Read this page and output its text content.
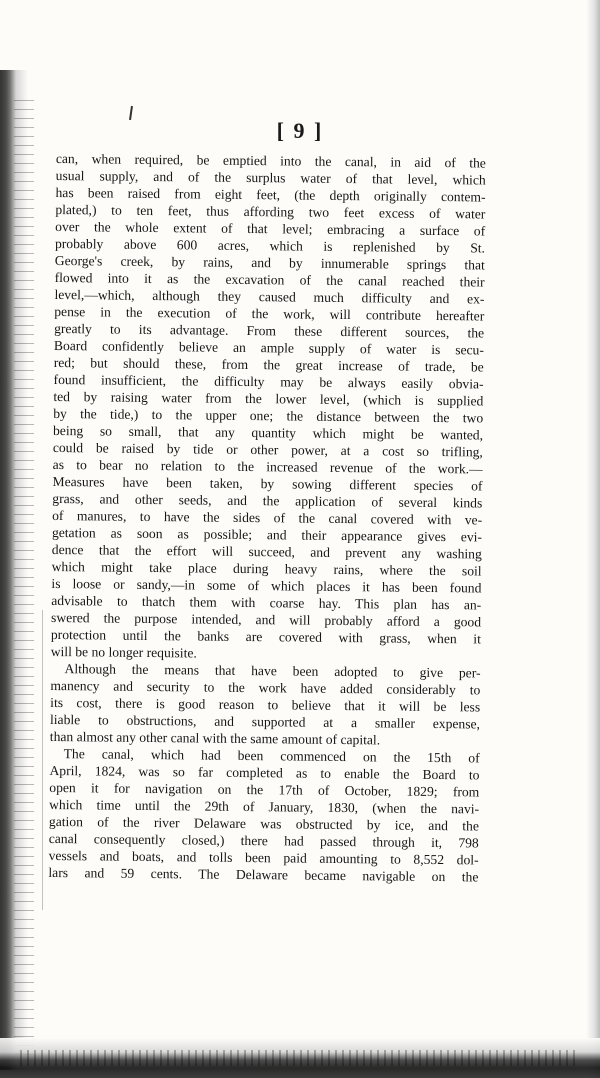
[ 9 ]
can, when required, be emptied into the canal, in aid of the
usual supply, and of the surplus water of that level, which
has been raised from eight feet, (the depth originally contem-
plated,) to ten feet, thus affording two feet excess of water
over the whole extent of that level; embracing a surface of
probably above 600 acres, which is replenished by St.
George's creek, by rains, and by innumerable springs that
flowed into it as the excavation of the canal reached their
level,—which, although they caused much difficulty and ex-
pense in the execution of the work, will contribute hereafter
greatly to its advantage. From these different sources, the
Board confidently believe an ample supply of water is secu-
red; but should these, from the great increase of trade, be
found insufficient, the difficulty may be always easily obvia-
ted by raising water from the lower level, (which is supplied
by the tide,) to the upper one; the distance between the two
being so small, that any quantity which might be wanted,
could be raised by tide or other power, at a cost so trifling,
as to bear no relation to the increased revenue of the work.—
Measures have been taken, by sowing different species of
grass, and other seeds, and the application of several kinds
of manures, to have the sides of the canal covered with ve-
getation as soon as possible; and their appearance gives evi-
dence that the effort will succeed, and prevent any washing
which might take place during heavy rains, where the soil
is loose or sandy,—in some of which places it has been found
advisable to thatch them with coarse hay. This plan has an-
swered the purpose intended, and will probably afford a good
protection until the banks are covered with grass, when it
will be no longer requisite.
Although the means that have been adopted to give per-
manency and security to the work have added considerably to
its cost, there is good reason to believe that it will be less
liable to obstructions, and supported at a smaller expense,
than almost any other canal with the same amount of capital.
The canal, which had been commenced on the 15th of
April, 1824, was so far completed as to enable the Board to
open it for navigation on the 17th of October, 1829; from
which time until the 29th of January, 1830, (when the navi-
gation of the river Delaware was obstructed by ice, and the
canal consequently closed,) there had passed through it, 798
vessels and boats, and tolls been paid amounting to 8,552 dol-
lars and 59 cents. The Delaware became navigable on the
